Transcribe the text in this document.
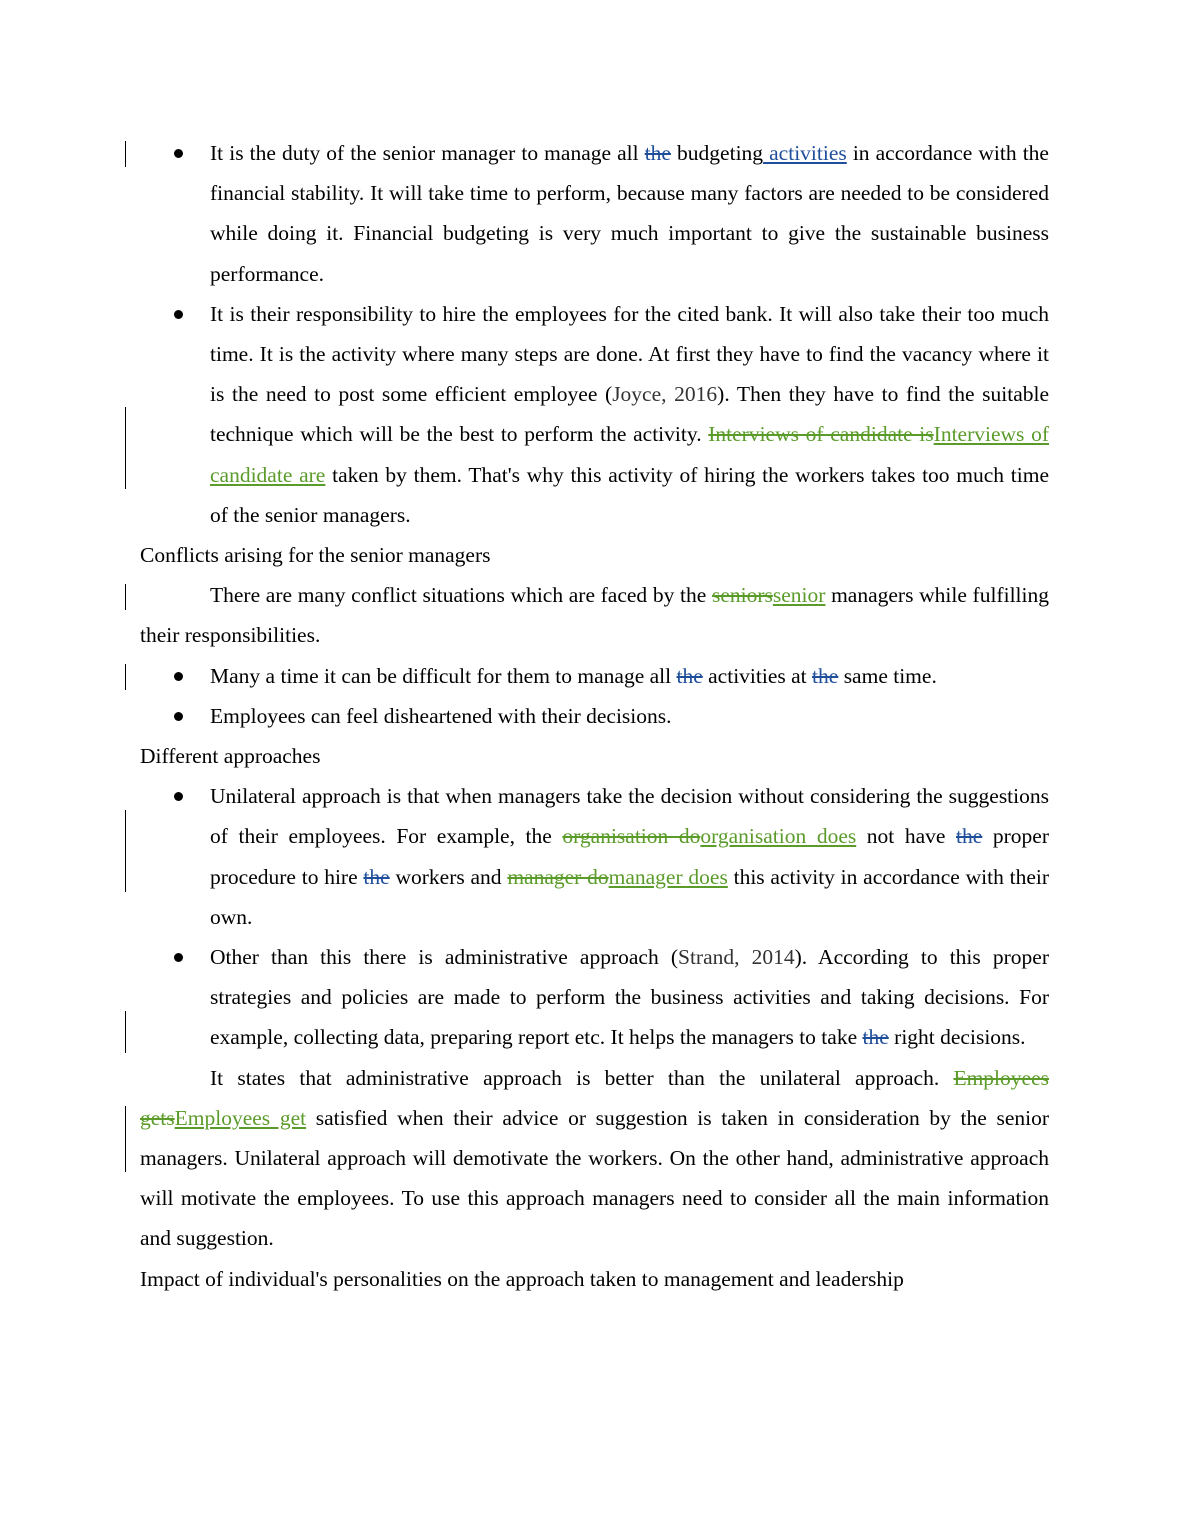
It is the duty of the senior manager to manage all the budgeting activities in accordance with the financial stability. It will take time to perform, because many factors are needed to be considered while doing it. Financial budgeting is very much important to give the sustainable business performance.

It is their responsibility to hire the employees for the cited bank. It will also take their too much time. It is the activity where many steps are done. At first they have to find the vacancy where it is the need to post some efficient employee (Joyce, 2016). Then they have to find the suitable technique which will be the best to perform the activity. Interviews of candidate isInterviews of candidate are taken by them. That's why this activity of hiring the workers takes too much time of the senior managers.

Conflicts arising for the senior managers

There are many conflict situations which are faced by the seniorssenior managers while fulfilling their responsibilities.

Many a time it can be difficult for them to manage all the activities at the same time.

Employees can feel disheartened with their decisions.

Different approaches

Unilateral approach is that when managers take the decision without considering the suggestions of their employees. For example, the organisation doorganisation does not have the proper procedure to hire the workers and manager domanager does this activity in accordance with their own.

Other than this there is administrative approach (Strand, 2014). According to this proper strategies and policies are made to perform the business activities and taking decisions. For example, collecting data, preparing report etc. It helps the managers to take the right decisions.

It states that administrative approach is better than the unilateral approach. Employees getsEmployees get satisfied when their advice or suggestion is taken in consideration by the senior managers. Unilateral approach will demotivate the workers. On the other hand, administrative approach will motivate the employees. To use this approach managers need to consider all the main information and suggestion.

Impact of individual's personalities on the approach taken to management and leadership
